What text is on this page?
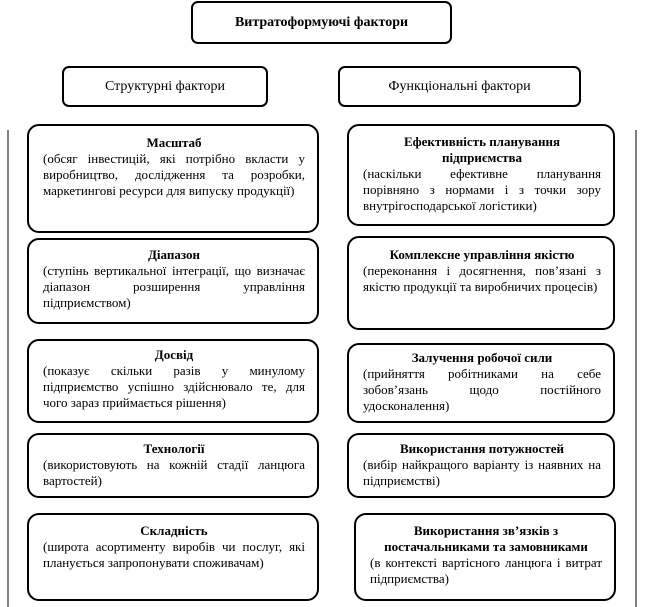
Витратоформуючі фактори
Структурні фактори	Функціональні фактори
Масштаб
(обсяг інвестицій, які потрібно вкласти у виробництво, дослідження та розробки, маркетингові ресурси для випуску продукції)
Діапазон
(ступінь вертикальної інтеграції, що визначає діапазон розширення управління підприємством)
Досвід
(показує скільки разів у минулому підприємство успішно здійснювало те, для чого зараз приймається рішення)
Технології
(використовують на кожній стадії ланцюга вартостей)
Складність
(широта асортименту виробів чи послуг, які планується запропонувати споживачам)
Ефективність планування підприємства
(наскільки ефективне планування порівняно з нормами і з точки зору внутрігосподарської логістики)
Комплексне управління якістю
(переконання і досягнення, пов’язані з якістю продукції та виробничих процесів)
Залучення робочої сили
(прийняття робітниками на себе зобов’язань щодо постійного удосконалення)
Використання потужностей
(вибір найкращого варіанту із наявних на підприємстві)
Використання зв’язків з постачальниками та замовниками
(в контексті вартісного ланцюга і витрат підприємства)
